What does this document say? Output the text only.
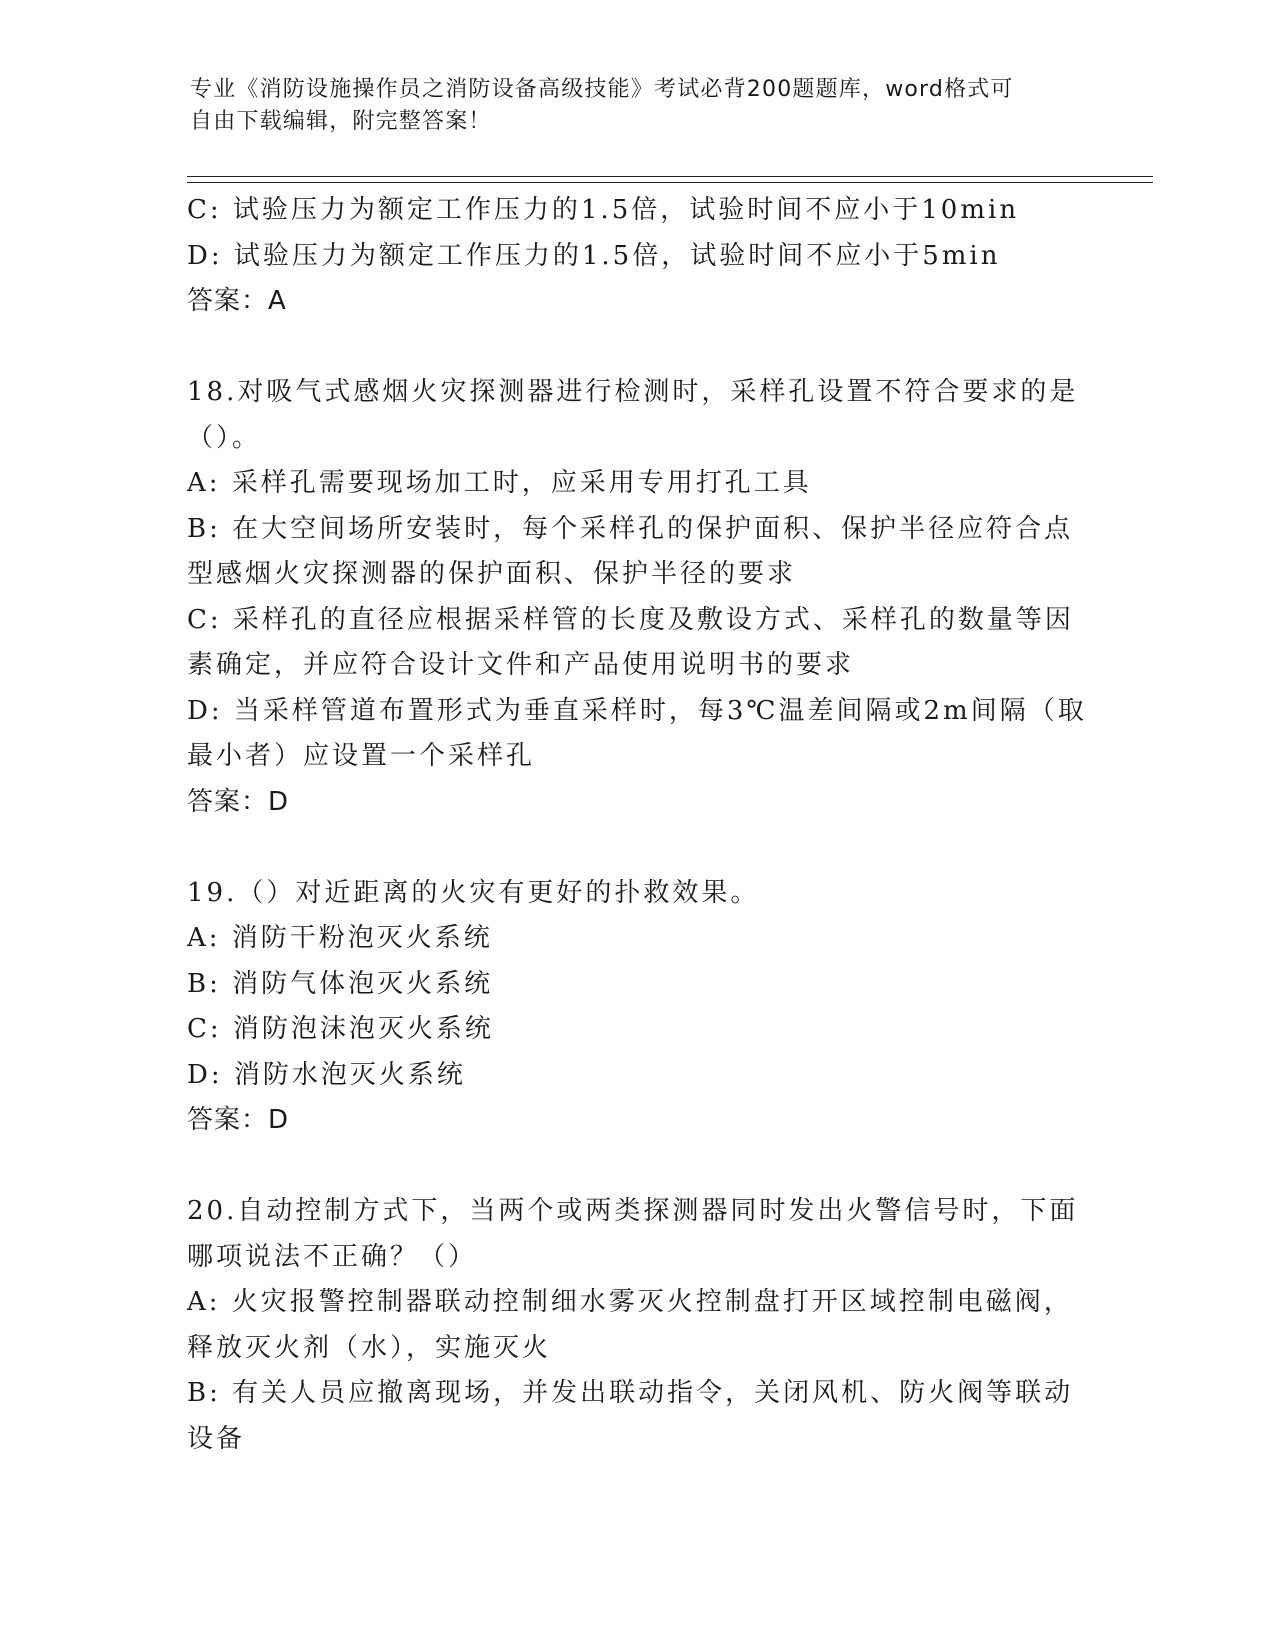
专业《消防设施操作员之消防设备高级技能》考试必背200题题库，word格式可
自由下载编辑，附完整答案！
C: 试验压力为额定工作压力的1.5倍，试验时间不应小于10min
D: 试验压力为额定工作压力的1.5倍，试验时间不应小于5min
答案：A
18.对吸气式感烟火灾探测器进行检测时，采样孔设置不符合要求的是
（）。
A: 采样孔需要现场加工时，应采用专用打孔工具
B: 在大空间场所安装时，每个采样孔的保护面积、保护半径应符合点
型感烟火灾探测器的保护面积、保护半径的要求
C: 采样孔的直径应根据采样管的长度及敷设方式、采样孔的数量等因
素确定，并应符合设计文件和产品使用说明书的要求
D: 当采样管道布置形式为垂直采样时，每3℃温差间隔或2m间隔（取
最小者）应设置一个采样孔
答案：D
19.（）对近距离的火灾有更好的扑救效果。
A: 消防干粉泡灭火系统
B: 消防气体泡灭火系统
C: 消防泡沫泡灭火系统
D: 消防水泡灭火系统
答案：D
20.自动控制方式下，当两个或两类探测器同时发出火警信号时，下面
哪项说法不正确？（）
A: 火灾报警控制器联动控制细水雾灭火控制盘打开区域控制电磁阀，
释放灭火剂（水），实施灭火
B: 有关人员应撤离现场，并发出联动指令，关闭风机、防火阀等联动
设备
